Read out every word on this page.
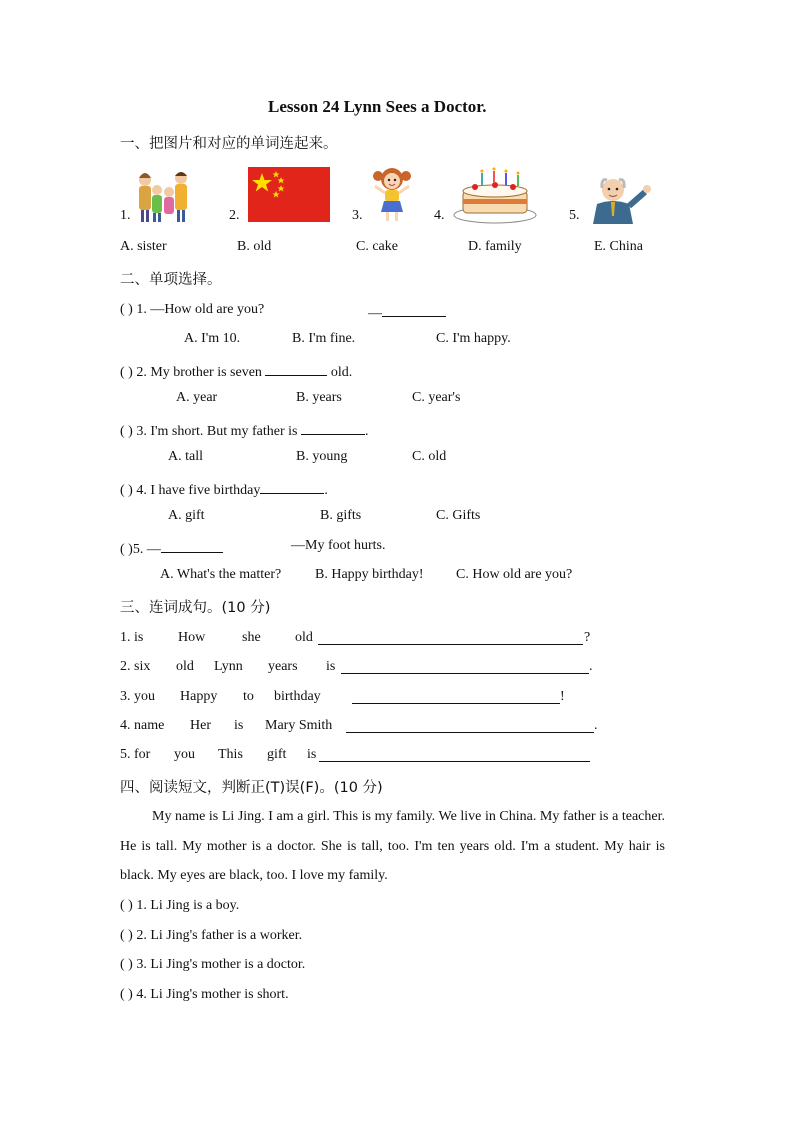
Lesson 24 Lynn Sees a Doctor.
一、把图片和对应的单词连起来。
1.	2.	3.	4.	5.
A. sister	B. old	C. cake	D. family	E. China
二、单项选择。
( ) 1. —How old are you?	—
A. I'm 10.	B. I'm fine.	C. I'm happy.
( ) 2. My brother is seven	old.
A. year	B. years	C. year's
( ) 3. I'm short. But my father is	.
A. tall	B. young	C. old
( ) 4. I have five birthday	.
A. gift	B. gifts	C. Gifts
( )5. —	—My foot hurts.
A. What's the matter? B. Happy birthday! C. How old are you?
三、连词成句。(10 分)
1. is How	she old	?
2. six old Lynn years is	.
3. you Happy to birthday	!
4. name Her is Mary Smith	.
5. for you This gift is
四、阅读短文，判断正(T)误(F)。(10 分)
My name is Li Jing. I am a girl. This is my family. We live in China. My father is a teacher. He is tall. My mother is a doctor. She is tall, too. I'm ten years old. I'm a student. My hair is black. My eyes are black, too. I love my family.
( ) 1. Li Jing is a boy.
( ) 2. Li Jing's father is a worker.
( ) 3. Li Jing's mother is a doctor.
( ) 4. Li Jing's mother is short.
